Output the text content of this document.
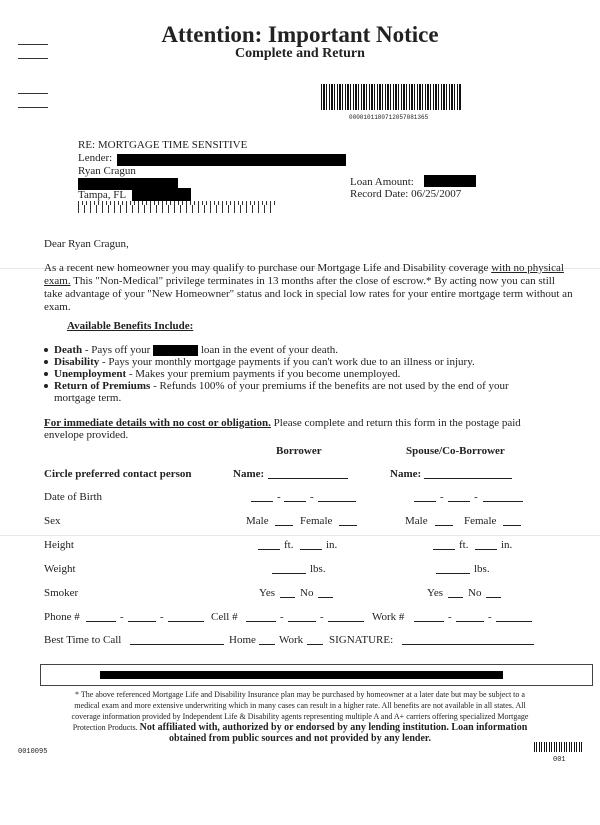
Attention: Important Notice
Complete and Return
0000101180712057081365
RE: MORTGAGE TIME SENSITIVE
Lender:
Ryan Cragun
Tampa, FL
Loan Amount:
Record Date: 06/25/2007
Dear Ryan Cragun,
As a recent new homeowner you may qualify to purchase our Mortgage Life and Disability coverage with no physical exam. This "Non-Medical" privilege terminates in 13 months after the close of escrow.* By acting now you can still take advantage of your "New Homeowner" status and lock in special low rates for your entire mortgage term without an exam.
Available Benefits Include:
Death - Pays off your	loan in the event of your death.
Disability - Pays your monthly mortgage payments if you can't work due to an illness or injury.
Unemployment - Makes your premium payments if you become unemployed.
Return of Premiums - Refunds 100% of your premiums if the benefits are not used by the end of your
mortgage term.
For immediate details with no cost or obligation. Please complete and return this form in the postage paid
envelope provided.
Borrower	Spouse/Co-Borrower
Circle preferred contact person	Name:	Name:
Date of Birth	-	-	-	-
Sex	Male	Female	Male	Female
Height	ft.	in.	ft.	in.
Weight	lbs.	lbs.
Smoker	Yes No	Yes No
Phone #	-	-	Cell #	-	-	Work #	-	-
Best Time to Call	Home Work SIGNATURE:
* The above referenced Mortgage Life and Disability Insurance plan may be purchased by homeowner at a later date but may be subject to a medical exam and more extensive underwriting which in many cases can result in a higher rate. All benefits are not available in all states. All coverage information provided by Independent Life & Disability agents representing multiple A and A+ carriers offering specialized Mortgage Protection Products. Not affiliated with, authorized by or endorsed by any lending institution. Loan information obtained from public sources and not provided by any lender.
0010095
001
